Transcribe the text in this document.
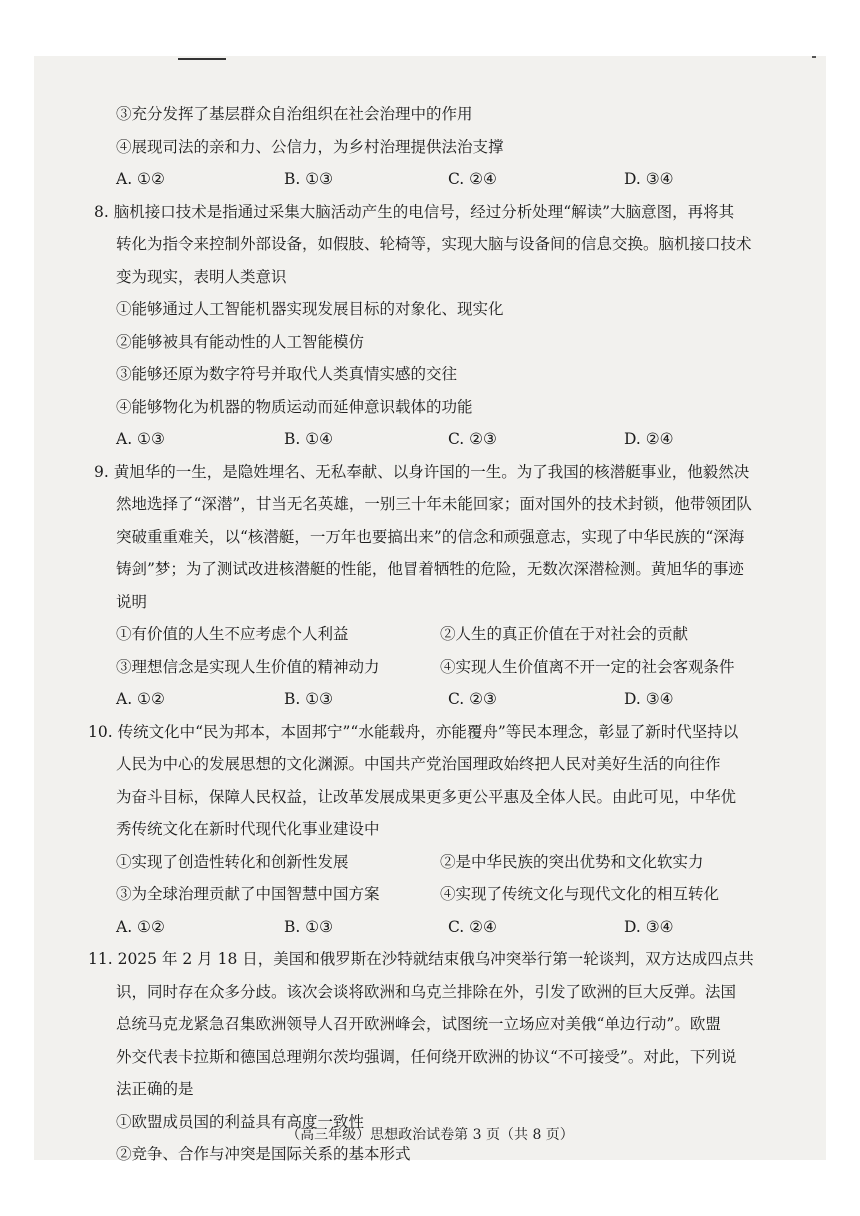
③充分发挥了基层群众自治组织在社会治理中的作用
④展现司法的亲和力、公信力，为乡村治理提供法治支撑
A. ①②	B. ①③	C. ②④	D. ③④
8. 脑机接口技术是指通过采集大脑活动产生的电信号，经过分析处理“解读”大脑意图，再将其
转化为指令来控制外部设备，如假肢、轮椅等，实现大脑与设备间的信息交换。脑机接口技术
变为现实，表明人类意识
①能够通过人工智能机器实现发展目标的对象化、现实化
②能够被具有能动性的人工智能模仿
③能够还原为数字符号并取代人类真情实感的交往
④能够物化为机器的物质运动而延伸意识载体的功能
A. ①③	B. ①④	C. ②③	D. ②④
9. 黄旭华的一生，是隐姓埋名、无私奉献、以身许国的一生。为了我国的核潜艇事业，他毅然决
然地选择了“深潜”，甘当无名英雄，一别三十年未能回家；面对国外的技术封锁，他带领团队
突破重重难关，以“核潜艇，一万年也要搞出来”的信念和顽强意志，实现了中华民族的“深海
铸剑”梦；为了测试改进核潜艇的性能，他冒着牺牲的危险，无数次深潜检测。黄旭华的事迹
说明
①有价值的人生不应考虑个人利益	②人生的真正价值在于对社会的贡献
③理想信念是实现人生价值的精神动力	④实现人生价值离不开一定的社会客观条件
A. ①②	B. ①③	C. ②③	D. ③④
10. 传统文化中“民为邦本，本固邦宁”“水能载舟，亦能覆舟”等民本理念，彰显了新时代坚持以
人民为中心的发展思想的文化渊源。中国共产党治国理政始终把人民对美好生活的向往作
为奋斗目标，保障人民权益，让改革发展成果更多更公平惠及全体人民。由此可见，中华优
秀传统文化在新时代现代化事业建设中
①实现了创造性转化和创新性发展	②是中华民族的突出优势和文化软实力
③为全球治理贡献了中国智慧中国方案	④实现了传统文化与现代文化的相互转化
A. ①②	B. ①③	C. ②④	D. ③④
11. 2025 年 2 月 18 日，美国和俄罗斯在沙特就结束俄乌冲突举行第一轮谈判，双方达成四点共
识，同时存在众多分歧。该次会谈将欧洲和乌克兰排除在外，引发了欧洲的巨大反弹。法国
总统马克龙紧急召集欧洲领导人召开欧洲峰会，试图统一立场应对美俄“单边行动”。欧盟
外交代表卡拉斯和德国总理朔尔茨均强调，任何绕开欧洲的协议“不可接受”。对此，下列说
法正确的是
①欧盟成员国的利益具有高度一致性
②竞争、合作与冲突是国际关系的基本形式
（高三年级）思想政治试卷第 3 页（共 8 页）
